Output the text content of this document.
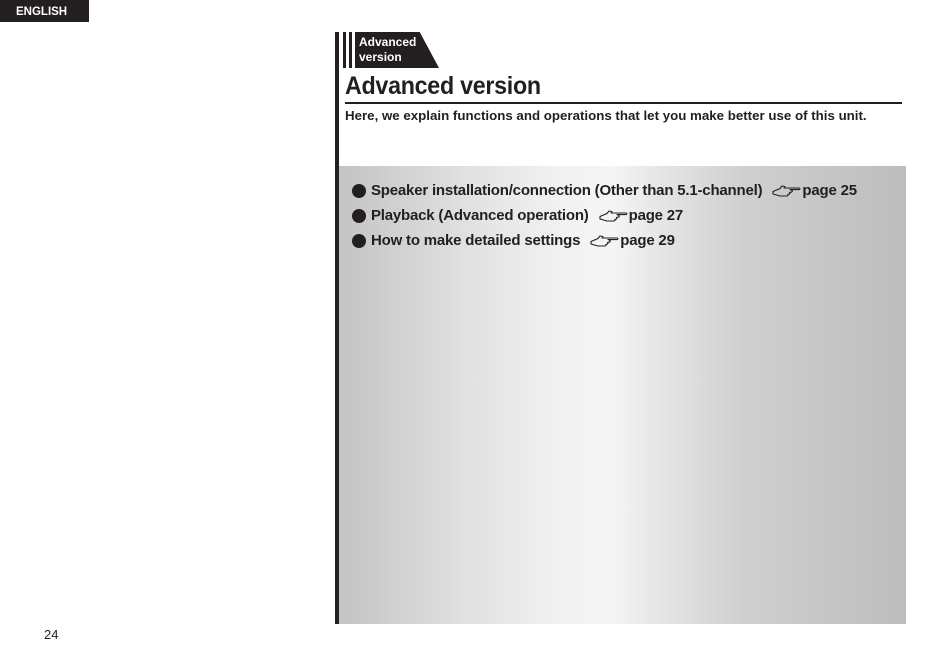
ENGLISH
Advanced version
Advanced version

Here, we explain functions and operations that let you make better use of this unit.

Speaker installation/connection (Other than 5.1-channel)	page 25
Playback (Advanced operation)	page 27
How to make detailed settings	page 29
24
